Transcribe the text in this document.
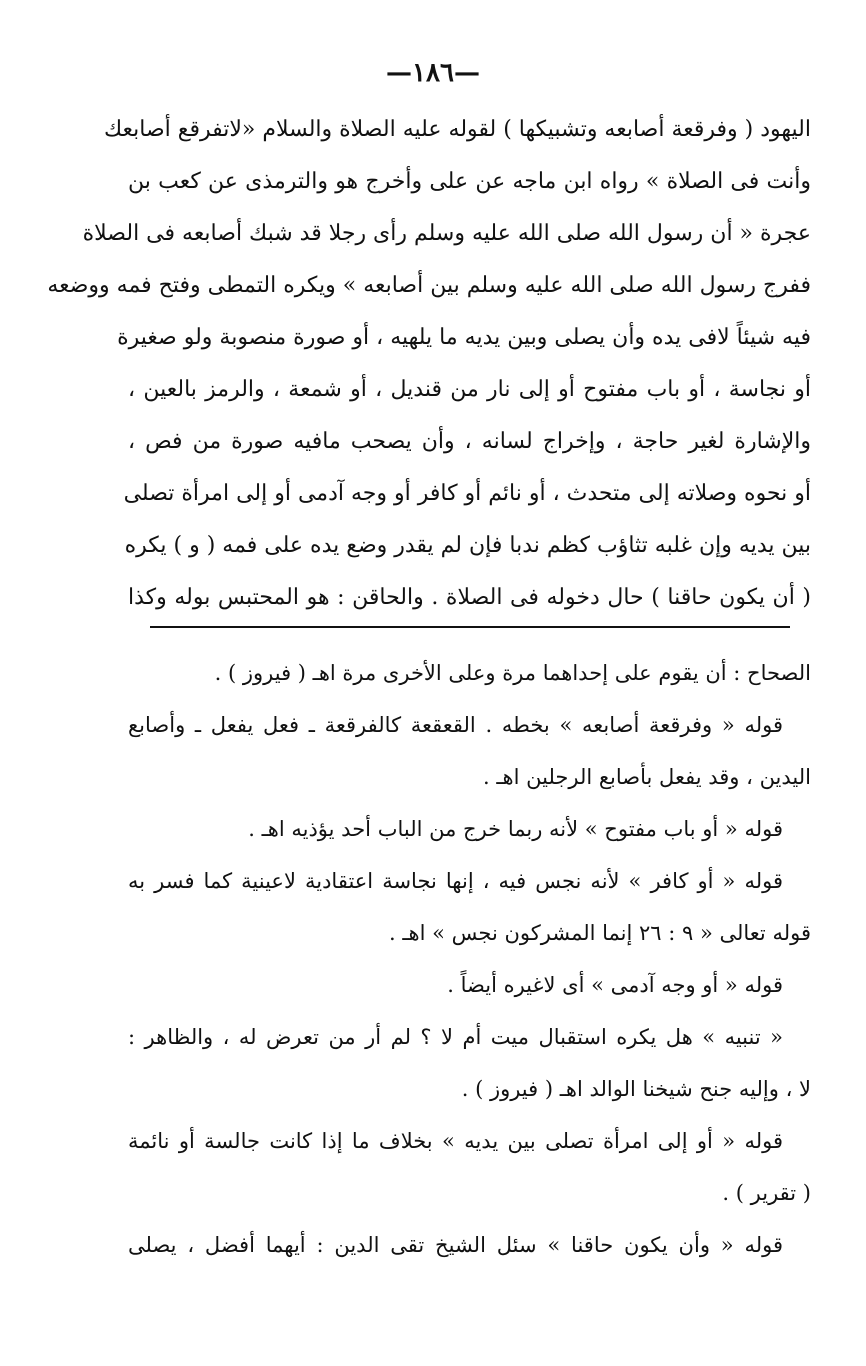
—١٨٦—
اليهود ( وفرقعة أصابعه وتشبيكها ) لقوله عليه الصلاة والسلام «لاتفرقع أصابعك
وأنت فى الصلاة » رواه ابن ماجه عن على وأخرج هو والترمذى عن كعب بن
عجرة « أن رسول الله صلى الله عليه وسلم رأى رجلا قد شبك أصابعه فى الصلاة
ففرج رسول الله صلى الله عليه وسلم بين أصابعه » ويكره التمطى وفتح فمه ووضعه
فيه شيئاً لافى يده وأن يصلى وبين يديه ما يلهيه ، أو صورة منصوبة ولو صغيرة
أو نجاسة ، أو باب مفتوح أو إلى نار من قنديل ، أو شمعة ، والرمز بالعين ،
والإشارة لغير حاجة ، وإخراج لسانه ، وأن يصحب مافيه صورة من فص ،
أو نحوه وصلاته إلى متحدث ، أو نائم أو كافر أو وجه آدمى أو إلى امرأة تصلى
بين يديه وإن غلبه تثاؤب كظم ندبا فإن لم يقدر وضع يده على فمه ( و ) يكره
( أن يكون حاقنا ) حال دخوله فى الصلاة . والحاقن : هو المحتبس بوله وكذا
الصحاح : أن يقوم على إحداهما مرة وعلى الأخرى مرة اهـ ( فيروز ) .
قوله « وفرقعة أصابعه » بخطه . القعقعة كالفرقعة ـ فعل يفعل ـ وأصابع
اليدين ، وقد يفعل بأصابع الرجلين اهـ .
قوله « أو باب مفتوح » لأنه ربما خرج من الباب أحد يؤذيه اهـ .
قوله « أو كافر » لأنه نجس فيه ، إنها نجاسة اعتقادية لاعينية كما فسر به
قوله تعالى « ٩ : ٢٦ إنما المشركون نجس » اهـ .
قوله « أو وجه آدمى » أى لاغيره أيضاً .
« تنبيه » هل يكره استقبال ميت أم لا ؟ لم أر من تعرض له ، والظاهر :
لا ، وإليه جنح شيخنا الوالد اهـ ( فيروز ) .
قوله « أو إلى امرأة تصلى بين يديه » بخلاف ما إذا كانت جالسة أو نائمة
( تقرير ) .
قوله « وأن يكون حاقنا » سئل الشيخ تقى الدين : أيهما أفضل ، يصلى
